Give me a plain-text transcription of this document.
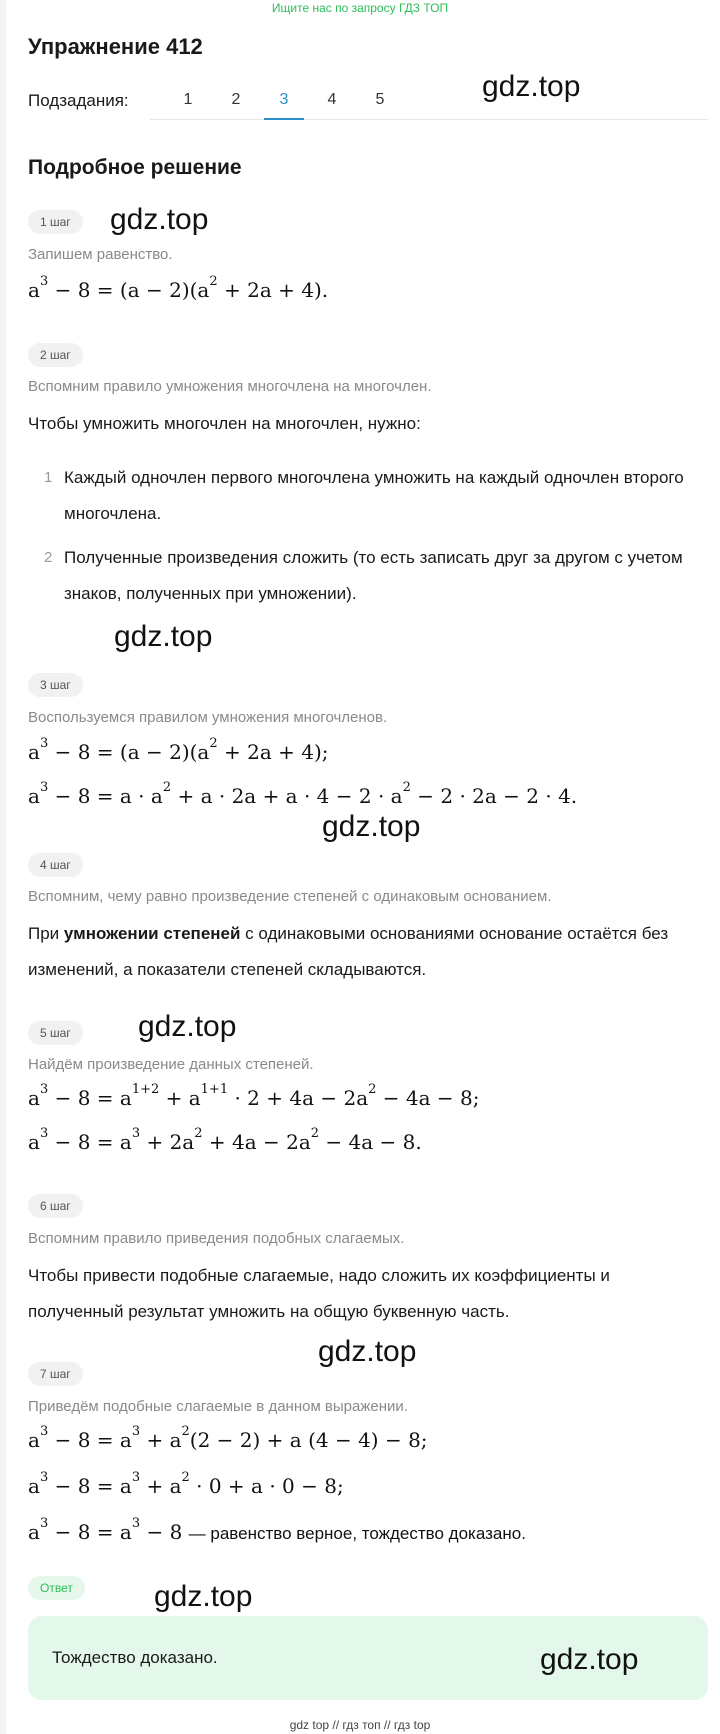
Ищите нас по запросу ГДЗ ТОП
Упражнение 412
Подзадания:	1	2	3	4	5	gdz.top
Подробное решение
1 шаг	gdz.top
Запишем равенство.
$a^3 - 8 = (a - 2)(a^2 + 2a + 4)$.
2 шаг
Вспомним правило умножения многочлена на многочлен.
Чтобы умножить многочлен на многочлен, нужно:
1 Каждый одночлен первого многочлена умножить на каждый одночлен второго многочлена.
2 Полученные произведения сложить (то есть записать друг за другом с учетом знаков, полученных при умножении).
gdz.top
3 шаг
Воспользуемся правилом умножения многочленов.
$a^3 - 8 = (a - 2)(a^2 + 2a + 4)$;
$a^3 - 8 = a \cdot a^2 + a \cdot 2a + a \cdot 4 - 2 \cdot a^2 - 2 \cdot 2a - 2 \cdot 4$.
gdz.top
4 шаг
Вспомним, чему равно произведение степеней с одинаковым основанием.
При умножении степеней с одинаковыми основаниями основание остаётся без изменений, а показатели степеней складываются.
5 шаг	gdz.top
Найдём произведение данных степеней.
$a^3 - 8 = a^{1+2} + a^{1+1} \cdot 2 + 4a - 2a^2 - 4a - 8$;
$a^3 - 8 = a^3 + 2a^2 + 4a - 2a^2 - 4a - 8$.
6 шаг
Вспомним правило приведения подобных слагаемых.
Чтобы привести подобные слагаемые, надо сложить их коэффициенты и полученный результат умножить на общую буквенную часть.
gdz.top
7 шаг
Приведём подобные слагаемые в данном выражении.
$a^3 - 8 = a^3 + a^2(2 - 2) + a$ (4 − 4) − 8;
$a^3 - 8 = a^3 + a^2 \cdot 0 + a \cdot 0 - 8$;
$a^3 - 8 = a^3 - 8$ — равенство верное, тождество доказано.
Ответ	gdz.top
Тождество доказано.	gdz.top
gdz top // гдз топ // гдз top
